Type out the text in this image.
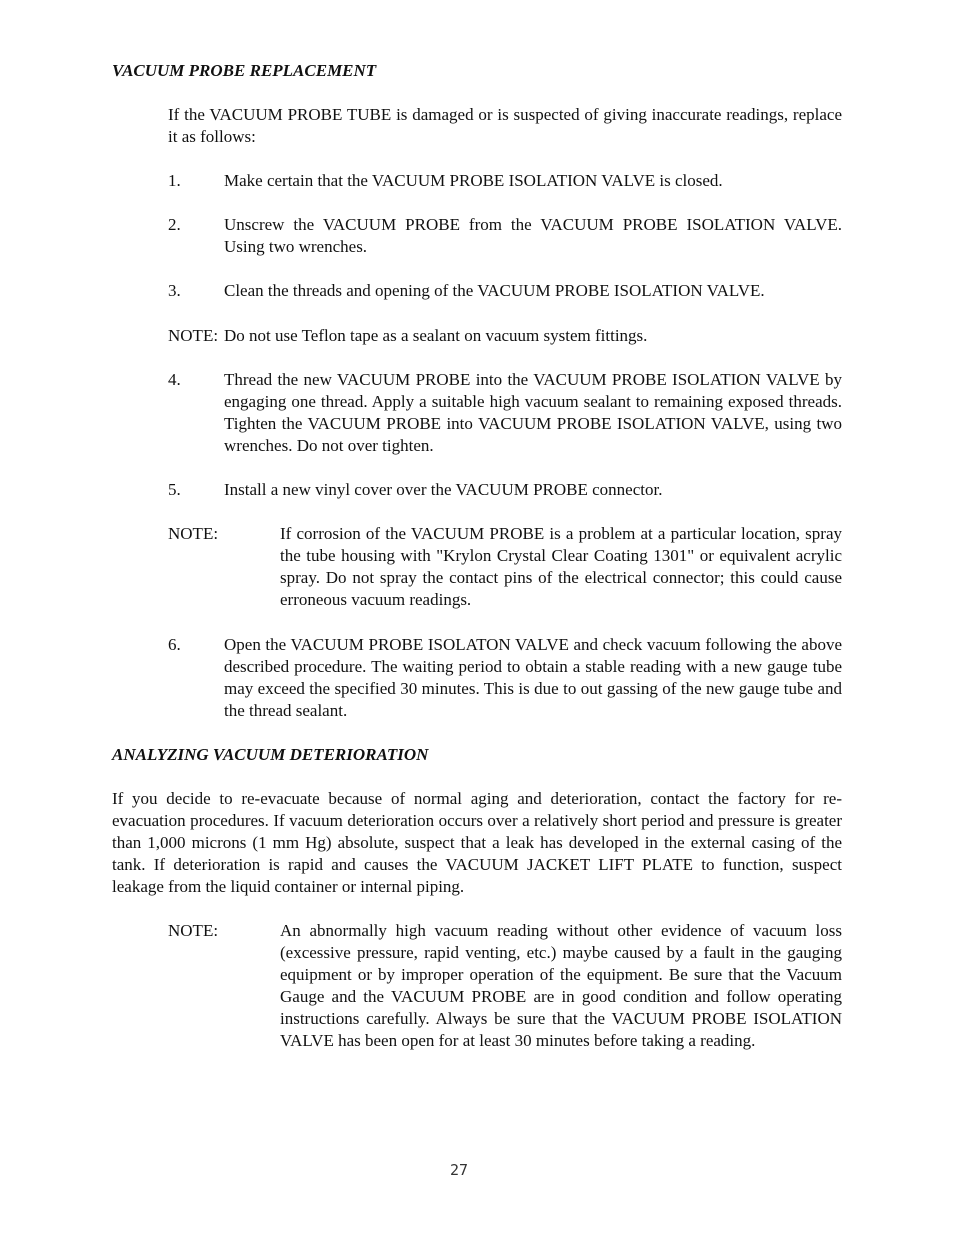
VACUUM PROBE REPLACEMENT
If the VACUUM PROBE TUBE is damaged or is suspected of giving inaccurate readings, replace it as follows:
1.	Make certain that the VACUUM PROBE ISOLATION VALVE is closed.
2.	Unscrew the VACUUM PROBE from the VACUUM PROBE ISOLATION VALVE. Using two wrenches.
3.	Clean the threads and opening of the VACUUM PROBE ISOLATION VALVE.
NOTE: Do not use Teflon tape as a sealant on vacuum system fittings.
4.	Thread the new VACUUM PROBE into the VACUUM PROBE ISOLATION VALVE by engaging one thread. Apply a suitable high vacuum sealant to remaining exposed threads. Tighten the VACUUM PROBE into VACUUM PROBE ISOLATION VALVE, using two wrenches. Do not over tighten.
5.	Install a new vinyl cover over the VACUUM PROBE connector.
NOTE:	If corrosion of the VACUUM PROBE is a problem at a particular location, spray the tube housing with "Krylon Crystal Clear Coating 1301" or equivalent acrylic spray. Do not spray the contact pins of the electrical connector; this could cause erroneous vacuum readings.
6.	Open the VACUUM PROBE ISOLATON VALVE and check vacuum following the above described procedure. The waiting period to obtain a stable reading with a new gauge tube may exceed the specified 30 minutes. This is due to out gassing of the new gauge tube and the thread sealant.
ANALYZING VACUUM DETERIORATION
If you decide to re-evacuate because of normal aging and deterioration, contact the factory for re-evacuation procedures. If vacuum deterioration occurs over a relatively short period and pressure is greater than 1,000 microns (1 mm Hg) absolute, suspect that a leak has developed in the external casing of the tank. If deterioration is rapid and causes the VACUUM JACKET LIFT PLATE to function, suspect leakage from the liquid container or internal piping.
NOTE:	An abnormally high vacuum reading without other evidence of vacuum loss (excessive pressure, rapid venting, etc.) maybe caused by a fault in the gauging equipment or by improper operation of the equipment. Be sure that the Vacuum Gauge and the VACUUM PROBE are in good condition and follow operating instructions carefully. Always be sure that the VACUUM PROBE ISOLATION VALVE has been open for at least 30 minutes before taking a reading.
27
